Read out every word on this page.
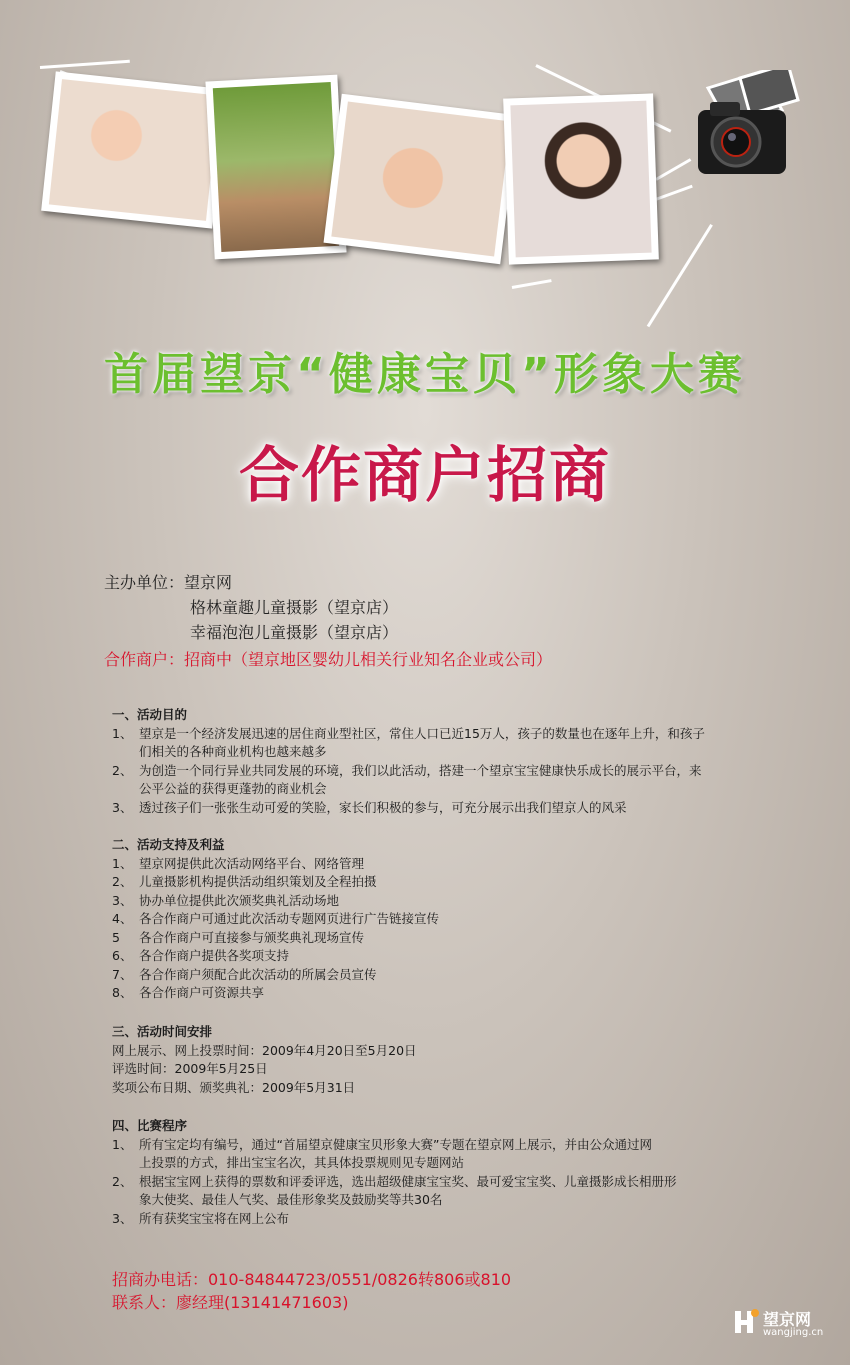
首届望京“健康宝贝”形象大赛
合作商户招商
主办单位：望京网
格林童趣儿童摄影（望京店）
幸福泡泡儿童摄影（望京店）
合作商户：招商中（望京地区婴幼儿相关行业知名企业或公司）
一、活动目的
1、 望京是一个经济发展迅速的居住商业型社区，常住人口已近15万人，孩子的数量也在逐年上升，和孩子
们相关的各种商业机构也越来越多
2、 为创造一个同行异业共同发展的环境，我们以此活动，搭建一个望京宝宝健康快乐成长的展示平台，来
公平公益的获得更蓬勃的商业机会
3、 透过孩子们一张张生动可爱的笑脸，家长们积极的参与，可充分展示出我们望京人的风采
二、活动支持及利益
1、 望京网提供此次活动网络平台、网络管理
2、 儿童摄影机构提供活动组织策划及全程拍摄
3、 协办单位提供此次颁奖典礼活动场地
4、 各合作商户可通过此次活动专题网页进行广告链接宣传
5	各合作商户可直接参与颁奖典礼现场宣传
6、 各合作商户提供各奖项支持
7、 各合作商户须配合此次活动的所属会员宣传
8、 各合作商户可资源共享
三、活动时间安排
网上展示、网上投票时间：2009年4月20日至5月20日
评选时间：2009年5月25日
奖项公布日期、颁奖典礼：2009年5月31日
四、比赛程序
1、 所有宝定均有编号，通过“首届望京健康宝贝形象大赛”专题在望京网上展示，并由公众通过网
上投票的方式，排出宝宝名次，其具体投票规则见专题网站
2、 根据宝宝网上获得的票数和评委评选，选出超级健康宝宝奖、最可爱宝宝奖、儿童摄影成长相册形
象大使奖、最佳人气奖、最佳形象奖及鼓励奖等共30名
3、 所有获奖宝宝将在网上公布
招商办电话：010-84844723/0551/0826转806或810
联系人：廖经理(13141471603)
望京网
wangjing.cn
